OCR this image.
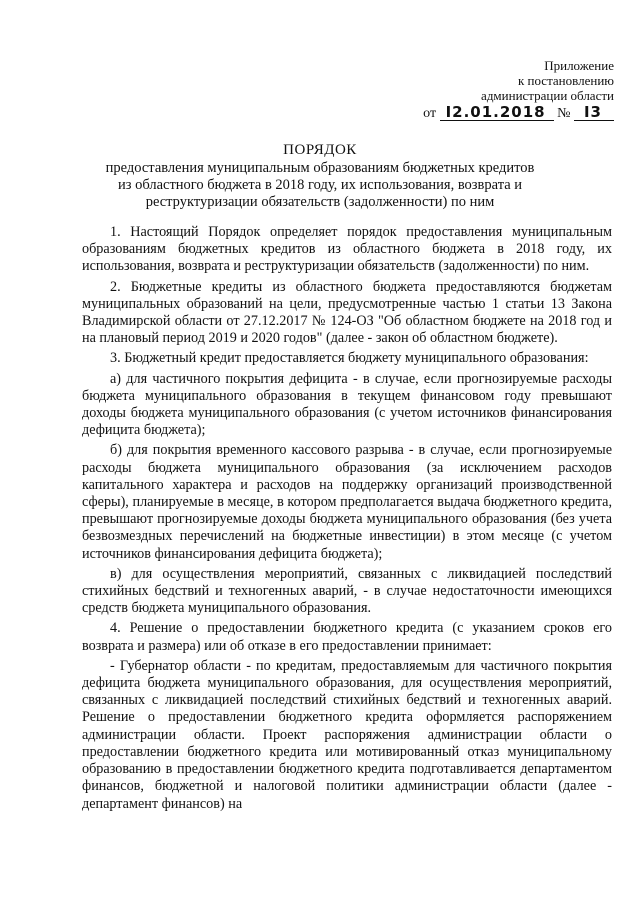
Приложение
к постановлению
администрации области
от I2.01.2018 № I3
ПОРЯДОК
предоставления муниципальным образованиям бюджетных кредитов
из областного бюджета в 2018 году, их использования, возврата и
реструктуризации обязательств (задолженности) по ним

1. Настоящий Порядок определяет порядок предоставления муниципальным образованиям бюджетных кредитов из областного бюджета в 2018 году, их использования, возврата и реструктуризации обязательств (задолженности) по ним.

2. Бюджетные кредиты из областного бюджета предоставляются бюджетам муниципальных образований на цели, предусмотренные частью 1 статьи 13 Закона Владимирской области от 27.12.2017 № 124-ОЗ "Об областном бюджете на 2018 год и на плановый период 2019 и 2020 годов" (далее - закон об областном бюджете).

3. Бюджетный кредит предоставляется бюджету муниципального образования:

а) для частичного покрытия дефицита - в случае, если прогнозируемые расходы бюджета муниципального образования в текущем финансовом году превышают доходы бюджета муниципального образования (с учетом источников финансирования дефицита бюджета);

б) для покрытия временного кассового разрыва - в случае, если прогнозируемые расходы бюджета муниципального образования (за исключением расходов капитального характера и расходов на поддержку организаций производственной сферы), планируемые в месяце, в котором предполагается выдача бюджетного кредита, превышают прогнозируемые доходы бюджета муниципального образования (без учета безвозмездных перечислений на бюджетные инвестиции) в этом месяце (с учетом источников финансирования дефицита бюджета);

в) для осуществления мероприятий, связанных с ликвидацией последствий стихийных бедствий и техногенных аварий, - в случае недостаточности имеющихся средств бюджета муниципального образования.

4. Решение о предоставлении бюджетного кредита (с указанием сроков его возврата и размера) или об отказе в его предоставлении принимает:

- Губернатор области - по кредитам, предоставляемым для частичного покрытия дефицита бюджета муниципального образования, для осуществления мероприятий, связанных с ликвидацией последствий стихийных бедствий и техногенных аварий. Решение о предоставлении бюджетного кредита оформляется распоряжением администрации области. Проект распоряжения администрации области о предоставлении бюджетного кредита или мотивированный отказ муниципальному образованию в предоставлении бюджетного кредита подготавливается департаментом финансов, бюджетной и налоговой политики администрации области (далее - департамент финансов) на
